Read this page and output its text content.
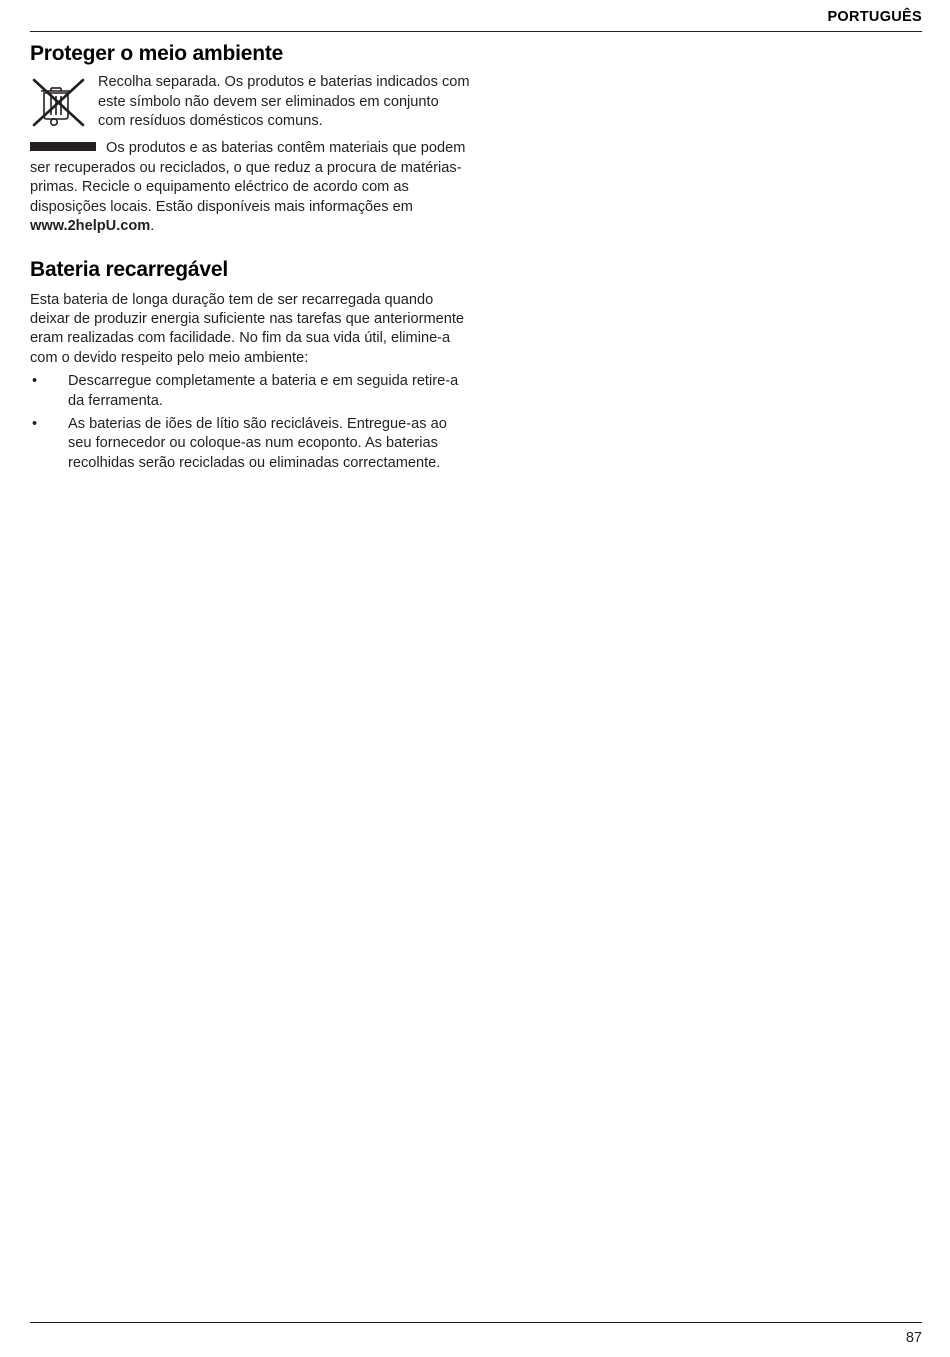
PORTUGUÊS
Proteger o meio ambiente

Recolha separada. Os produtos e baterias indicados com este símbolo não devem ser eliminados em conjunto com resíduos domésticos comuns.

Os produtos e as baterias contêm materiais que podem ser recuperados ou reciclados, o que reduz a procura de matérias-primas. Recicle o equipamento eléctrico de acordo com as disposições locais. Estão disponíveis mais informações em www.2helpU.com.

Bateria recarregável

Esta bateria de longa duração tem de ser recarregada quando deixar de produzir energia suficiente nas tarefas que anteriormente eram realizadas com facilidade. No fim da sua vida útil, elimine-a com o devido respeito pelo meio ambiente:

• Descarregue completamente a bateria e em seguida retire-a da ferramenta.
• As baterias de iões de lítio são recicláveis. Entregue-as ao seu fornecedor ou coloque-as num ecoponto. As baterias recolhidas serão recicladas ou eliminadas correctamente.
87
